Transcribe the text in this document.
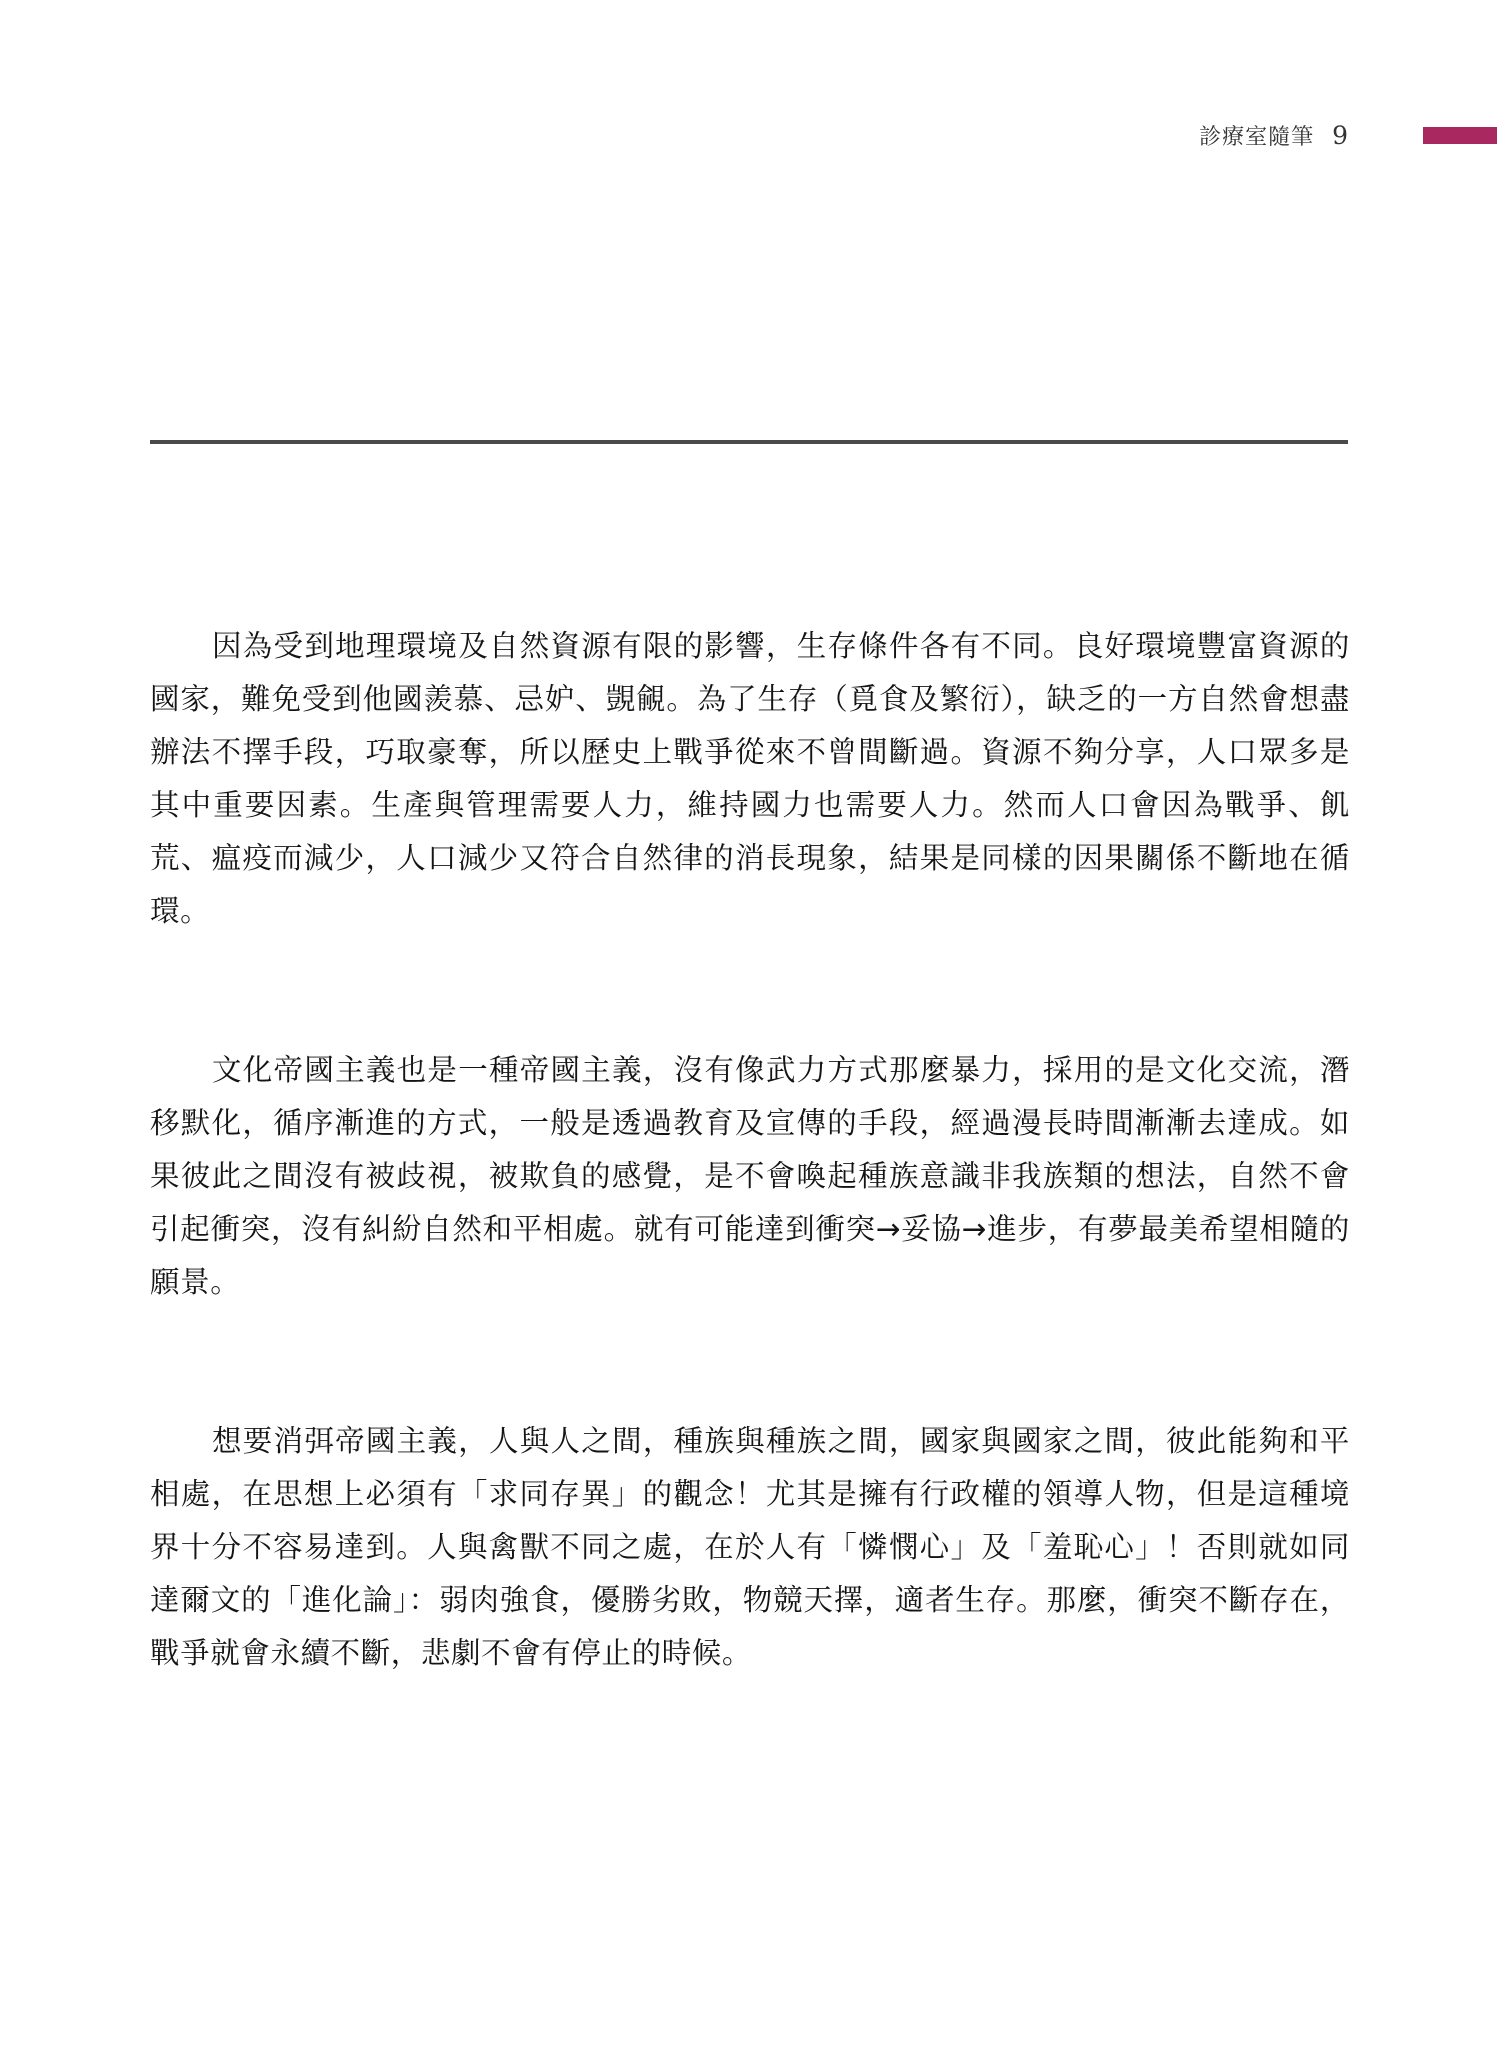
診療室隨筆 9

因為受到地理環境及自然資源有限的影響，生存條件各有不同。良好環境豐富資源的國家，難免受到他國羨慕、忌妒、覬覦。為了生存（覓食及繁衍），缺乏的一方自然會想盡辦法不擇手段，巧取豪奪，所以歷史上戰爭從來不曾間斷過。資源不夠分享，人口眾多是其中重要因素。生產與管理需要人力，維持國力也需要人力。然而人口會因為戰爭、飢荒、瘟疫而減少，人口減少又符合自然律的消長現象，結果是同樣的因果關係不斷地在循環。

文化帝國主義也是一種帝國主義，沒有像武力方式那麼暴力，採用的是文化交流，潛移默化，循序漸進的方式，一般是透過教育及宣傳的手段，經過漫長時間漸漸去達成。如果彼此之間沒有被歧視，被欺負的感覺，是不會喚起種族意識非我族類的想法，自然不會引起衝突，沒有糾紛自然和平相處。就有可能達到衝突→妥協→進步，有夢最美希望相隨的願景。

想要消弭帝國主義，人與人之間，種族與種族之間，國家與國家之間，彼此能夠和平相處，在思想上必須有「求同存異」的觀念！尤其是擁有行政權的領導人物，但是這種境界十分不容易達到。人與禽獸不同之處，在於人有「憐憫心」及「羞恥心」！否則就如同達爾文的「進化論」：弱肉強食，優勝劣敗，物競天擇，適者生存。那麼，衝突不斷存在，戰爭就會永續不斷，悲劇不會有停止的時候。
